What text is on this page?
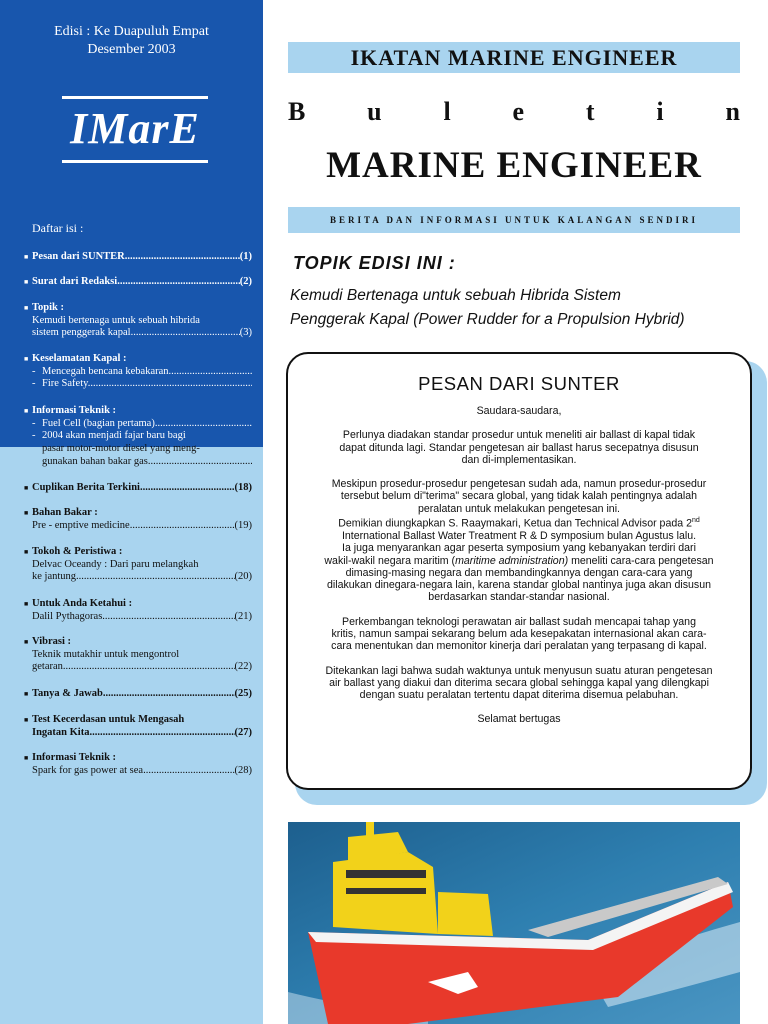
Edisi : Ke Duapuluh Empat
Desember 2003
IMarE
Daftar isi :
■ Pesan dari SUNTER .....	(1)
■ Surat dari Redaksi .....	(2)
■ Topik :
Kemudi bertenaga untuk sebuah hibrida
sistem penggerak kapal .....	(3)
■ Keselamatan Kapal :
- Mencegah bencana kebakaran .....
- Fire Safety .....
■ Informasi Teknik :
- Fuel Cell (bagian pertama) .....
- 2004 akan menjadi fajar baru bagi
pasar motor-motor diesel yang meng-
gunakan bahan bakar gas .....
■ Cuplikan Berita Terkini .....	(18)
■ Bahan Bakar :
Pre - emptive medicine .....	(19)
■ Tokoh & Peristiwa :
Delvac Oceandy : Dari paru melangkah
ke jantung .....	(20)
■ Untuk Anda Ketahui :
Dalil Pythagoras .....	(21)
■ Vibrasi :
Teknik mutakhir untuk mengontrol
getaran .....	(22)
■ Tanya & Jawab .....	(25)
■ Test Kecerdasan untuk Mengasah
Ingatan Kita .....	(27)
■ Informasi Teknik :
Spark for gas power at sea .....	(28)
IKATAN MARINE ENGINEER
B u l e t i n
MARINE ENGINEER
BERITA DAN INFORMASI UNTUK KALANGAN SENDIRI
TOPIK EDISI INI :
Kemudi Bertenaga untuk sebuah Hibrida Sistem
Penggerak Kapal (Power Rudder for a Propulsion Hybrid)
PESAN DARI SUNTER

Saudara-saudara,

Perlunya diadakan standar prosedur untuk meneliti air ballast di kapal tidak

dapat ditunda lagi. Standar pengetesan air ballast harus secepatnya disusun

dan di-implementasikan.

Meskipun prosedur-prosedur pengetesan sudah ada, namun prosedur-prosedur

tersebut belum di"terima" secara global, yang tidak kalah pentingnya adalah

peralatan untuk melakukan pengetesan ini.

Demikian diungkapkan S. Raaymakari, Ketua dan Technical Advisor pada 2nd

International Ballast Water Treatment R & D symposium bulan Agustus lalu.

Ia juga menyarankan agar peserta symposium yang kebanyakan terdiri dari

wakil-wakil negara maritim (maritime administration) meneliti cara-cara pengetesan

dimasing-masing negara dan membandingkannya dengan cara-cara yang

dilakukan dinegara-negara lain, karena standar global nantinya juga akan disusun

berdasarkan standar-standar nasional.

Perkembangan teknologi perawatan air ballast sudah mencapai tahap yang

kritis, namun sampai sekarang belum ada kesepakatan internasional akan cara-

cara menentukan dan memonitor kinerja dari peralatan yang terpasang di kapal.

Ditekankan lagi bahwa sudah waktunya untuk menyusun suatu aturan pengetesan

air ballast yang diakui dan diterima secara global sehingga kapal yang dilengkapi

dengan suatu peralatan tertentu dapat diterima disemua pelabuhan.

Selamat bertugas
